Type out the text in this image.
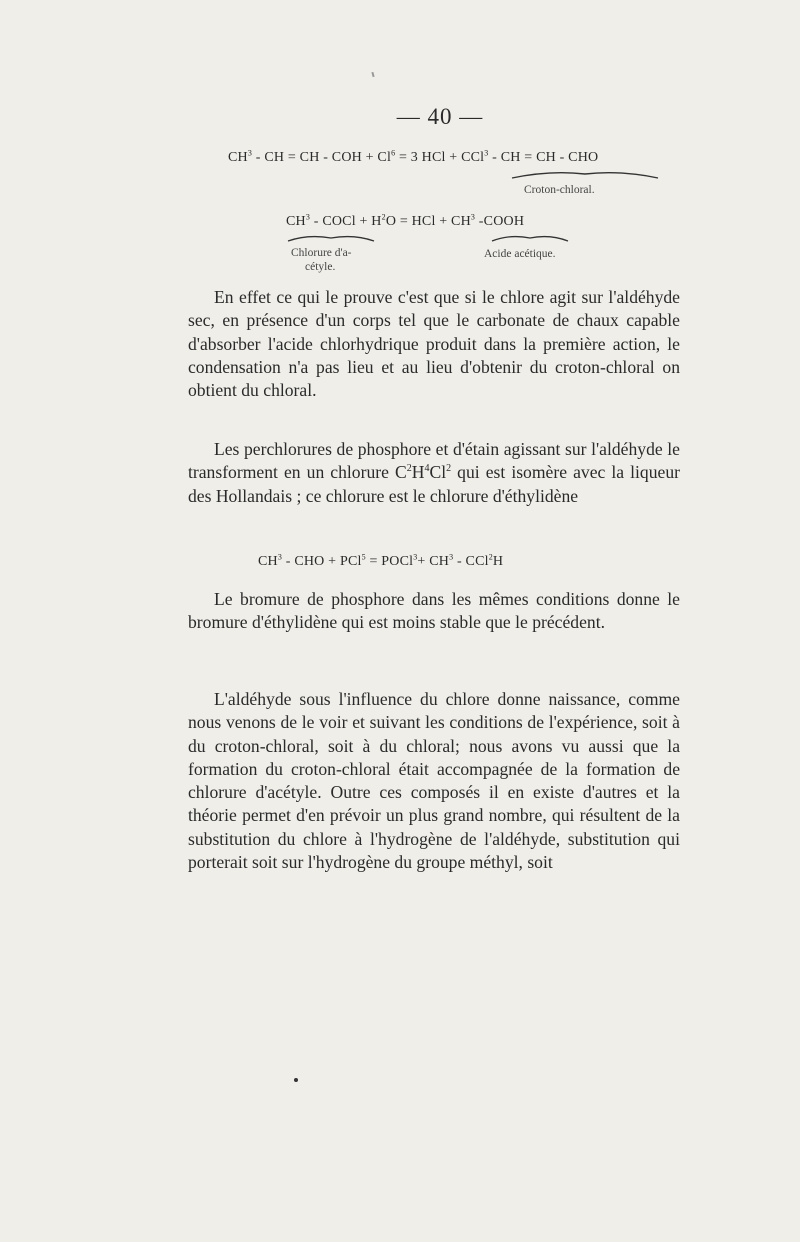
— 40 —
$CH^3$ - CH = CH - COH + $Cl^6 = 3$ HCl + CCl$^3$ - CH = CH - CHO
Croton-chloral.
$CH^3$ - COCl + $H^2O$ = HCl + $CH^3$ -COOH
Chlorure d'a-
cétyle.
Acide acétique.

En effet ce qui le prouve c'est que si le chlore agit sur l'aldéhyde sec, en présence d'un corps tel que le carbonate de chaux capable d'absorber l'acide chlorhydrique produit dans la première action, le condensation n'a pas lieu et au lieu d'obtenir du croton-chloral on obtient du chloral.

Les perchlorures de phosphore et d'étain agissant sur l'aldéhyde le transforment en un chlorure $C^2H^4Cl^2$ qui est isomère avec la liqueur des Hollandais ; ce chlorure est le chlorure d'éthylidène

$CH^3$ - CHO + PCl$^5$ = POCl$^3$+ $CH^3 - CCl^2H$

Le bromure de phosphore dans les mêmes conditions donne le bromure d'éthylidène qui est moins stable que le précédent.

L'aldéhyde sous l'influence du chlore donne naissance, comme nous venons de le voir et suivant les conditions de l'expérience, soit à du croton-chloral, soit à du chloral; nous avons vu aussi que la formation du croton-chloral était accompagnée de la formation de chlorure d'acétyle. Outre ces composés il en existe d'autres et la théorie permet d'en prévoir un plus grand nombre, qui résultent de la substitution du chlore à l'hydrogène de l'aldéhyde, substitution qui porterait soit sur l'hydrogène du groupe méthyl, soit
